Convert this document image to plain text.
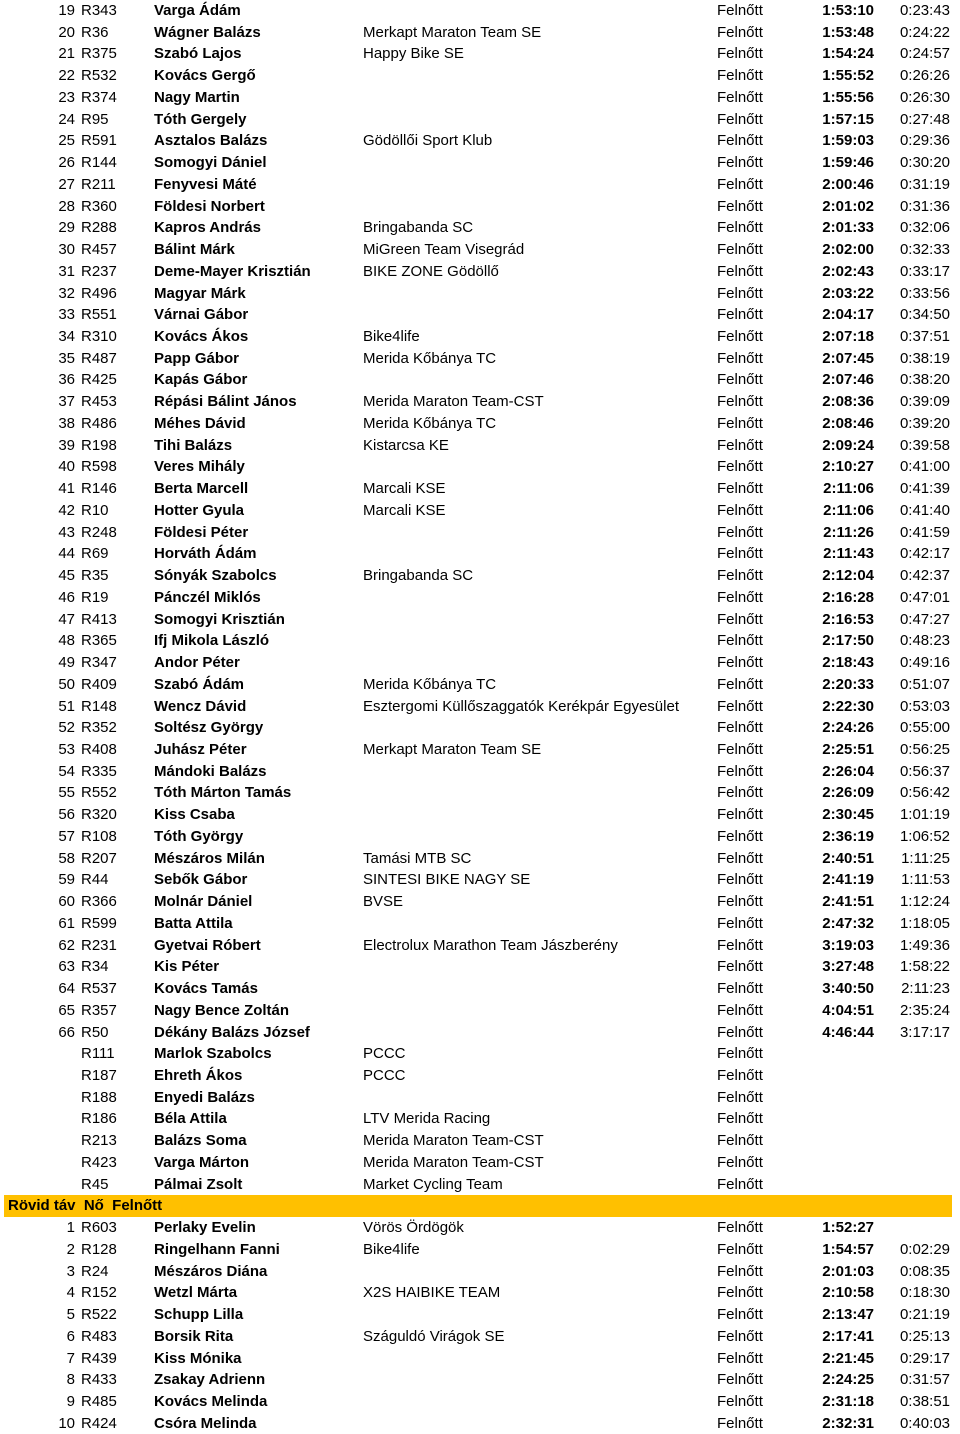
19 R343 Varga Ádám	Felnőtt	1:53:10	0:23:43
20 R36	Wágner Balázs	Merkapt Maraton Team SE	Felnőtt	1:53:48	0:24:22
21 R375 Szabó Lajos	Happy Bike SE	Felnőtt	1:54:24	0:24:57
22 R532 Kovács Gergő	Felnőtt	1:55:52	0:26:26
23 R374 Nagy Martin	Felnőtt	1:55:56	0:26:30
24 R95	Tóth Gergely	Felnőtt	1:57:15	0:27:48
25 R591 Asztalos Balázs	Gödöllői Sport Klub	Felnőtt	1:59:03	0:29:36
26 R144 Somogyi Dániel	Felnőtt	1:59:46	0:30:20
27 R211	Fenyvesi Máté	Felnőtt	2:00:46	0:31:19
28 R360 Földesi Norbert	Felnőtt	2:01:02	0:31:36
29 R288 Kapros András	Bringabanda SC	Felnőtt	2:01:33	0:32:06
30 R457 Bálint Márk	MiGreen Team Visegrád	Felnőtt	2:02:00	0:32:33
31 R237 Deme-Mayer Krisztián	BIKE ZONE Gödöllő	Felnőtt	2:02:43	0:33:17
32 R496 Magyar Márk	Felnőtt	2:03:22	0:33:56
33 R551 Várnai Gábor	Felnőtt	2:04:17	0:34:50
34 R310 Kovács Ákos	Bike4life	Felnőtt	2:07:18	0:37:51
35 R487 Papp Gábor	Merida Kőbánya TC	Felnőtt	2:07:45	0:38:19
36 R425 Kapás Gábor	Felnőtt	2:07:46	0:38:20
37 R453 Répási Bálint János	Merida Maraton Team-CST	Felnőtt	2:08:36	0:39:09
38 R486 Méhes Dávid	Merida Kőbánya TC	Felnőtt	2:08:46	0:39:20
39 R198 Tihi Balázs	Kistarcsa KE	Felnőtt	2:09:24	0:39:58
40 R598 Veres Mihály	Felnőtt	2:10:27	0:41:00
41 R146 Berta Marcell	Marcali KSE	Felnőtt	2:11:06	0:41:39
42 R10	Hotter Gyula	Marcali KSE	Felnőtt	2:11:06	0:41:40
43 R248 Földesi Péter	Felnőtt	2:11:26	0:41:59
44 R69	Horváth Ádám	Felnőtt	2:11:43	0:42:17
45 R35	Sónyák Szabolcs	Bringabanda SC	Felnőtt	2:12:04	0:42:37
46 R19	Pánczél Miklós	Felnőtt	2:16:28	0:47:01
47 R413 Somogyi Krisztián	Felnőtt	2:16:53	0:47:27
48 R365 Ifj Mikola László	Felnőtt	2:17:50	0:48:23
49 R347 Andor Péter	Felnőtt	2:18:43	0:49:16
50 R409 Szabó Ádám	Merida Kőbánya TC	Felnőtt	2:20:33	0:51:07
51 R148 Wencz Dávid	Esztergomi Küllőszaggatók Kerékpár Egyesület	Felnőtt	2:22:30	0:53:03
52 R352 Soltész György	Felnőtt	2:24:26	0:55:00
53 R408 Juhász Péter	Merkapt Maraton Team SE	Felnőtt	2:25:51	0:56:25
54 R335 Mándoki Balázs	Felnőtt	2:26:04	0:56:37
55 R552 Tóth Márton Tamás	Felnőtt	2:26:09	0:56:42
56 R320 Kiss Csaba	Felnőtt	2:30:45	1:01:19
57 R108 Tóth György	Felnőtt	2:36:19	1:06:52
58 R207 Mészáros Milán	Tamási MTB SC	Felnőtt	2:40:51	1:11:25
59 R44	Sebők Gábor	SINTESI BIKE NAGY SE	Felnőtt	2:41:19	1:11:53
60 R366 Molnár Dániel	BVSE	Felnőtt	2:41:51	1:12:24
61 R599 Batta Attila	Felnőtt	2:47:32	1:18:05
62 R231 Gyetvai Róbert	Electrolux Marathon Team Jászberény	Felnőtt	3:19:03	1:49:36
63 R34	Kis Péter	Felnőtt	3:27:48	1:58:22
64 R537 Kovács Tamás	Felnőtt	3:40:50	2:11:23
65 R357 Nagy Bence Zoltán	Felnőtt	4:04:51	2:35:24
66 R50	Dékány Balázs József	Felnőtt	4:46:44	3:17:17
R111	Marlok Szabolcs	PCCC	Felnőtt
R187 Ehreth Ákos	PCCC	Felnőtt
R188 Enyedi Balázs	Felnőtt
R186 Béla Attila	LTV Merida Racing	Felnőtt
R213 Balázs Soma	Merida Maraton Team-CST	Felnőtt
R423 Varga Márton	Merida Maraton Team-CST	Felnőtt
R45	Pálmai Zsolt	Market Cycling Team	Felnőtt
Rövid táv  Nő  Felnőtt
1 R603 Perlaky Evelin	Vörös Ördögök	Felnőtt	1:52:27
2 R128 Ringelhann Fanni	Bike4life	Felnőtt	1:54:57	0:02:29
3 R24	Mészáros Diána	Felnőtt	2:01:03	0:08:35
4 R152 Wetzl Márta	X2S HAIBIKE TEAM	Felnőtt	2:10:58	0:18:30
5 R522 Schupp Lilla	Felnőtt	2:13:47	0:21:19
6 R483 Borsik Rita	Száguldó Virágok SE	Felnőtt	2:17:41	0:25:13
7 R439 Kiss Mónika	Felnőtt	2:21:45	0:29:17
8 R433 Zsakay Adrienn	Felnőtt	2:24:25	0:31:57
9 R485 Kovács Melinda	Felnőtt	2:31:18	0:38:51
10 R424 Csóra Melinda	Felnőtt	2:32:31	0:40:03
